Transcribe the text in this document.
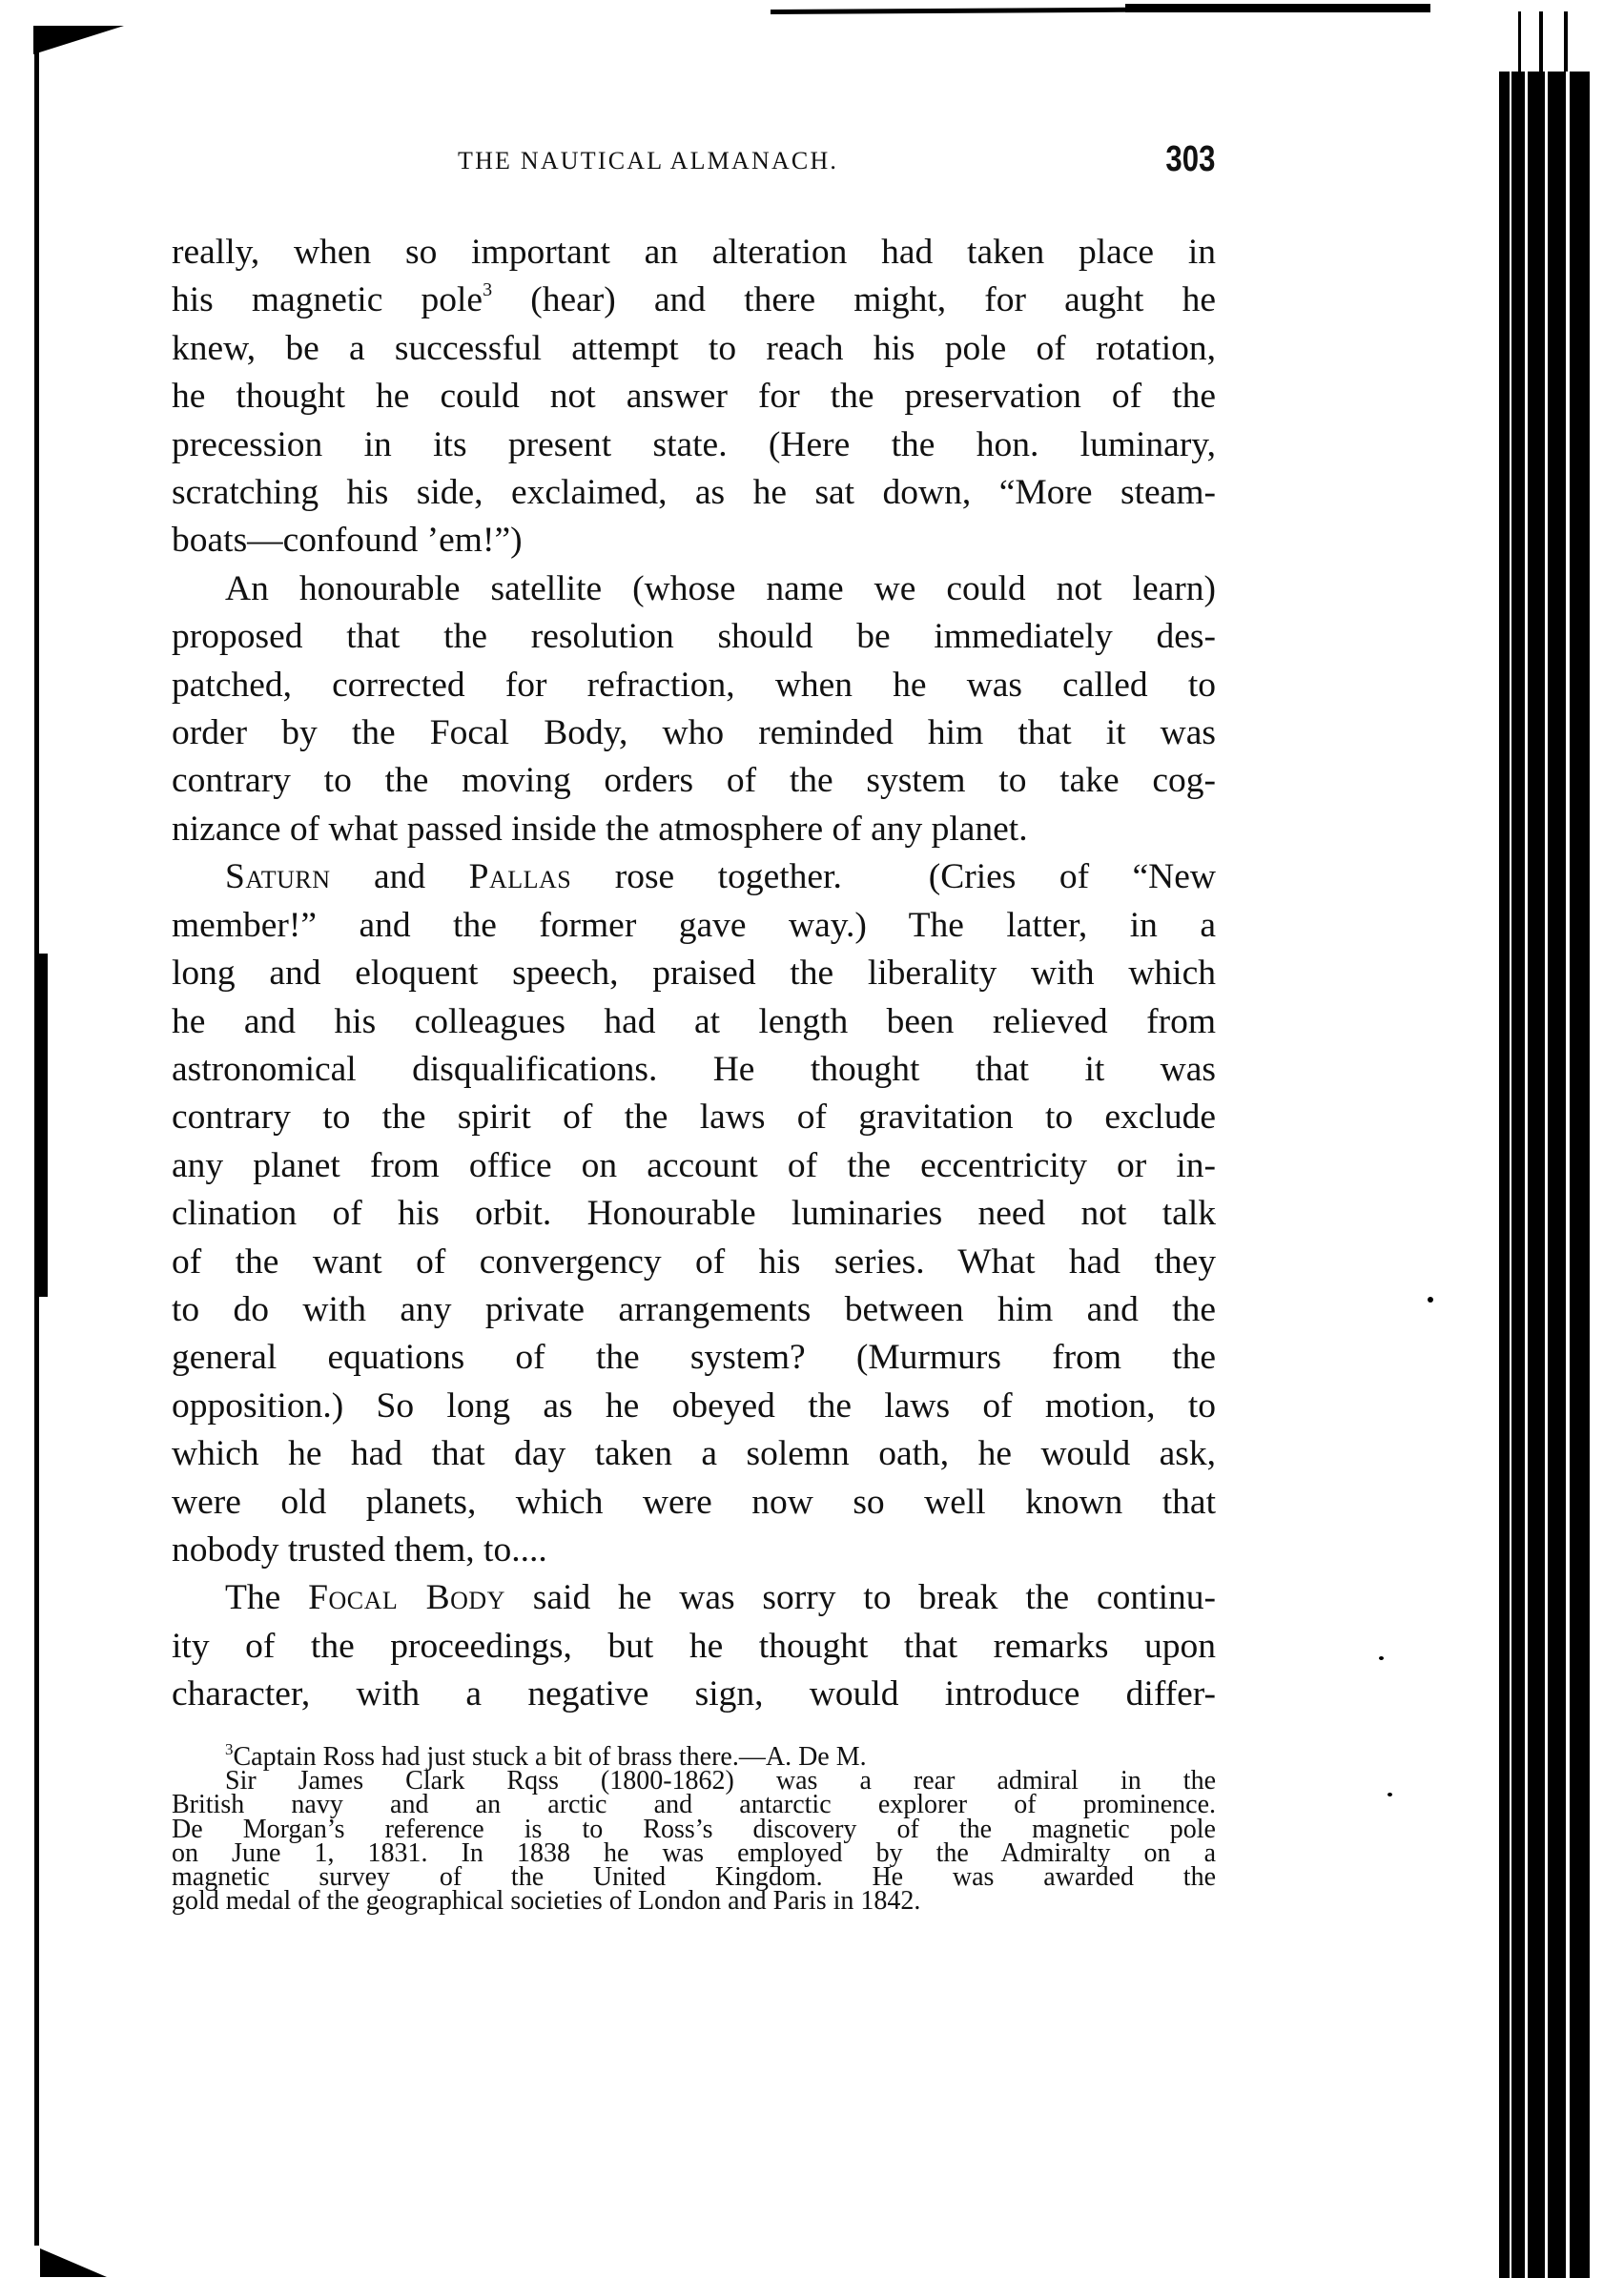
THE NAUTICAL ALMANACH.	303
really, when so important an alteration had taken place in
his magnetic pole$^3$ (hear) and there might, for aught he
knew, be a successful attempt to reach his pole of rotation,
he thought he could not answer for the preservation of the
precession in its present state. (Here the hon. luminary,
scratching his side, exclaimed, as he sat down, “More steam-
boats—confound ’em!”)
An honourable satellite (whose name we could not learn)
proposed that the resolution should be immediately des-
patched, corrected for refraction, when he was called to
order by the Focal Body, who reminded him that it was
contrary to the moving orders of the system to take cog-
nizance of what passed inside the atmosphere of any planet.
Saturn and Pallas rose together.  (Cries of “New
member!” and the former gave way.) The latter, in a
long and eloquent speech, praised the liberality with which
he and his colleagues had at length been relieved from
astronomical disqualifications. He thought that it was
contrary to the spirit of the laws of gravitation to exclude
any planet from office on account of the eccentricity or in-
clination of his orbit. Honourable luminaries need not talk
of the want of convergency of his series. What had they
to do with any private arrangements between him and the
general equations of the system? (Murmurs from the
opposition.) So long as he obeyed the laws of motion, to
which he had that day taken a solemn oath, he would ask,
were old planets, which were now so well known that
nobody trusted them, to....
The Focal Body said he was sorry to break the continu-
ity of the proceedings, but he thought that remarks upon
character, with a negative sign, would introduce differ-
$^3$Captain Ross had just stuck a bit of brass there.—A. De M.
Sir James Clark Rqss (1800-1862) was a rear admiral in the
British navy and an arctic and antarctic explorer of prominence.
De Morgan’s reference is to Ross’s discovery of the magnetic pole
on June 1, 1831. In 1838 he was employed by the Admiralty on a
magnetic survey of the United Kingdom. He was awarded the
gold medal of the geographical societies of London and Paris in 1842.
